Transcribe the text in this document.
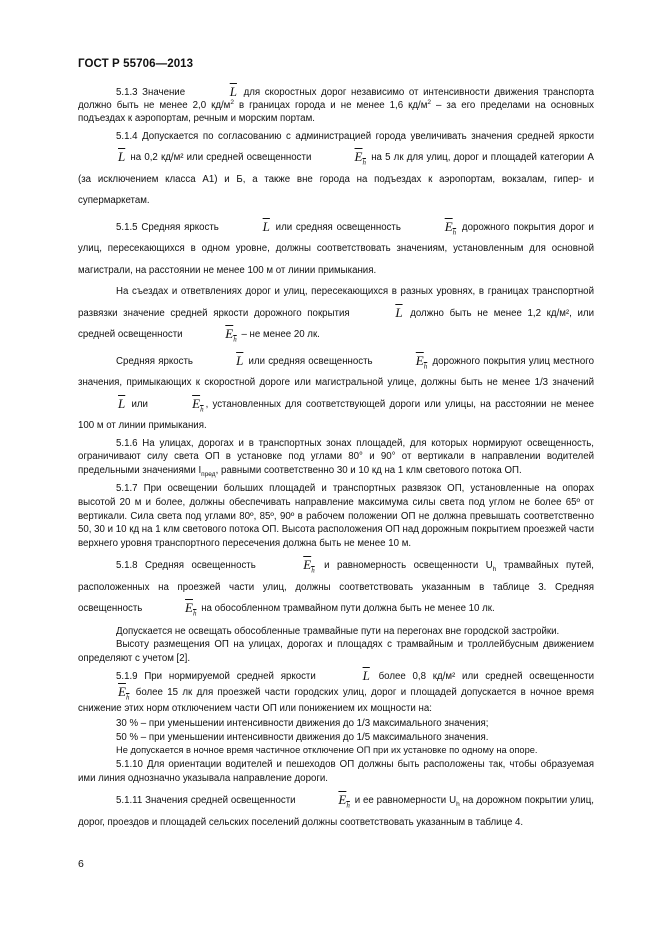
ГОСТ Р 55706—2013

5.1.3 Значение	$\overline{L}$ для скоростных дорог независимо от интенсивности движения транспорта должно быть не менее 2,0 $кд/м^2$ в границах города и не менее 1,6 $кд/м^2$ – за его пределами на основных подъездах к аэропортам, речным и морским портам.

5.1.4 Допускается по согласованию с администрацией города увеличивать значения средней яркости $\overline{L}$ на 0,2 кд/м² или средней освещенности	$E_h$ на 5 лк для улиц, дорог и площадей категории А (за исключением класса А1) и Б, а также вне города на подъездах к аэропортам, вокзалам, гипер- и супермаркетам.

5.1.5 Средняя яркость	$\overline{L}$ или средняя освещенность	$E_h$ дорожного покрытия дорог и улиц, пересекающихся в одном уровне, должны соответствовать значениям, установленным для основной магистрали, на расстоянии не менее 100 м от линии примыкания.

На съездах и ответвлениях дорог и улиц, пересекающихся в разных уровнях, в границах транспортной развязки значение средней яркости дорожного покрытия	$\overline{L}$ должно быть не менее 1,2 кд/м², или средней освещенности	$E_h$ – не менее 20 лк.

Средняя яркость	$\overline{L}$ или средняя освещенность	$E_h$ дорожного покрытия улиц местного значения, примыкающих к скоростной дороге или магистральной улице, должны быть не менее 1/3 значений $\overline{L}$ или	$E_h$ , установленных для соответствующей дороги или улицы, на расстоянии не менее 100 м от линии примыкания.

5.1.6 На улицах, дорогах и в транспортных зонах площадей, для которых нормируют освещенность, ограничивают силу света ОП в установке под углами 80° и 90° от вертикали в направлении водителей предельными значениями $I_{пред}$, равными соответственно 30 и 10 кд на 1 клм светового потока ОП.

5.1.7 При освещении больших площадей и транспортных развязок ОП, установленные на опорах высотой 20 м и более, должны обеспечивать направление максимума силы света под углом не более 65º от вертикали. Сила света под углами 80º, 85º, 90º в рабочем положении ОП не должна превышать соответственно 50, 30 и 10 кд на 1 клм светового потока ОП. Высота расположения ОП над дорожным покрытием проезжей части верхнего уровня транспортного пересечения должна быть не менее 10 м.

5.1.8 Средняя освещенность	$E_h$ и равномерность освещенности $U_h$ трамвайных путей, расположенных на проезжей части улиц, должны соответствовать указанным в таблице 3. Средняя освещенность	$E_h$ на обособленном трамвайном пути должна быть не менее 10 лк.

Допускается не освещать обособленные трамвайные пути на перегонах вне городской застройки.

Высоту размещения ОП на улицах, дорогах и площадях с трамвайным и троллейбусным движением определяют с учетом [2].

5.1.9 При нормируемой средней яркости	$\overline{L}$ более 0,8 кд/м² или средней освещенности $E_h$ более 15 лк для проезжей части городских улиц, дорог и площадей допускается в ночное время снижение этих норм отключением части ОП или понижением их мощности на:

30 % – при уменьшении интенсивности движения до 1/3 максимального значения;

50 % – при уменьшении интенсивности движения до 1/5 максимального значения.

Не допускается в ночное время частичное отключение ОП при их установке по одному на опоре.

5.1.10 Для ориентации водителей и пешеходов ОП должны быть расположены так, чтобы образуемая ими линия однозначно указывала направление дороги.

5.1.11 Значения средней освещенности	$E_h$ и ее равномерности $U_h$ на дорожном покрытии улиц, дорог, проездов и площадей сельских поселений должны соответствовать указанным в таблице 4.

6
